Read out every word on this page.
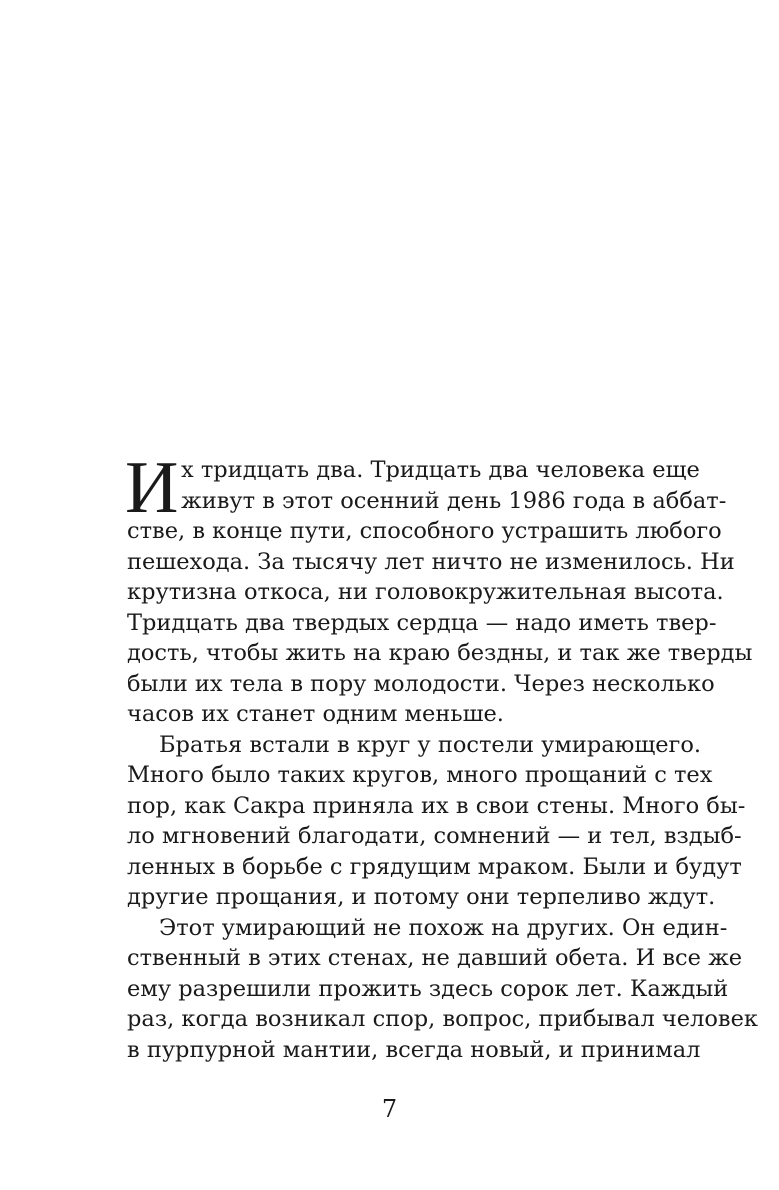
И х тридцать два. Тридцать два человека еще
живут в этот осенний день 1986 года в аббат-
стве, в конце пути, способного устрашить любого
пешехода. За тысячу лет ничто не изменилось. Ни
крутизна откоса, ни головокружительная высота.
Тридцать два твердых сердца — надо иметь твер-
дость, чтобы жить на краю бездны, и так же тверды
были их тела в пору молодости. Через несколько
часов их станет одним меньше.
Братья встали в круг у постели умирающего.
Много было таких кругов, много прощаний с тех
пор, как Сакра приняла их в свои стены. Много бы-
ло мгновений благодати, сомнений — и тел, вздыб-
ленных в борьбе с грядущим мраком. Были и будут
другие прощания, и потому они терпеливо ждут.
Этот умирающий не похож на других. Он един-
ственный в этих стенах, не давший обета. И все же
ему разрешили прожить здесь сорок лет. Каждый
раз, когда возникал спор, вопрос, прибывал человек
в пурпурной мантии, всегда новый, и принимал
7
